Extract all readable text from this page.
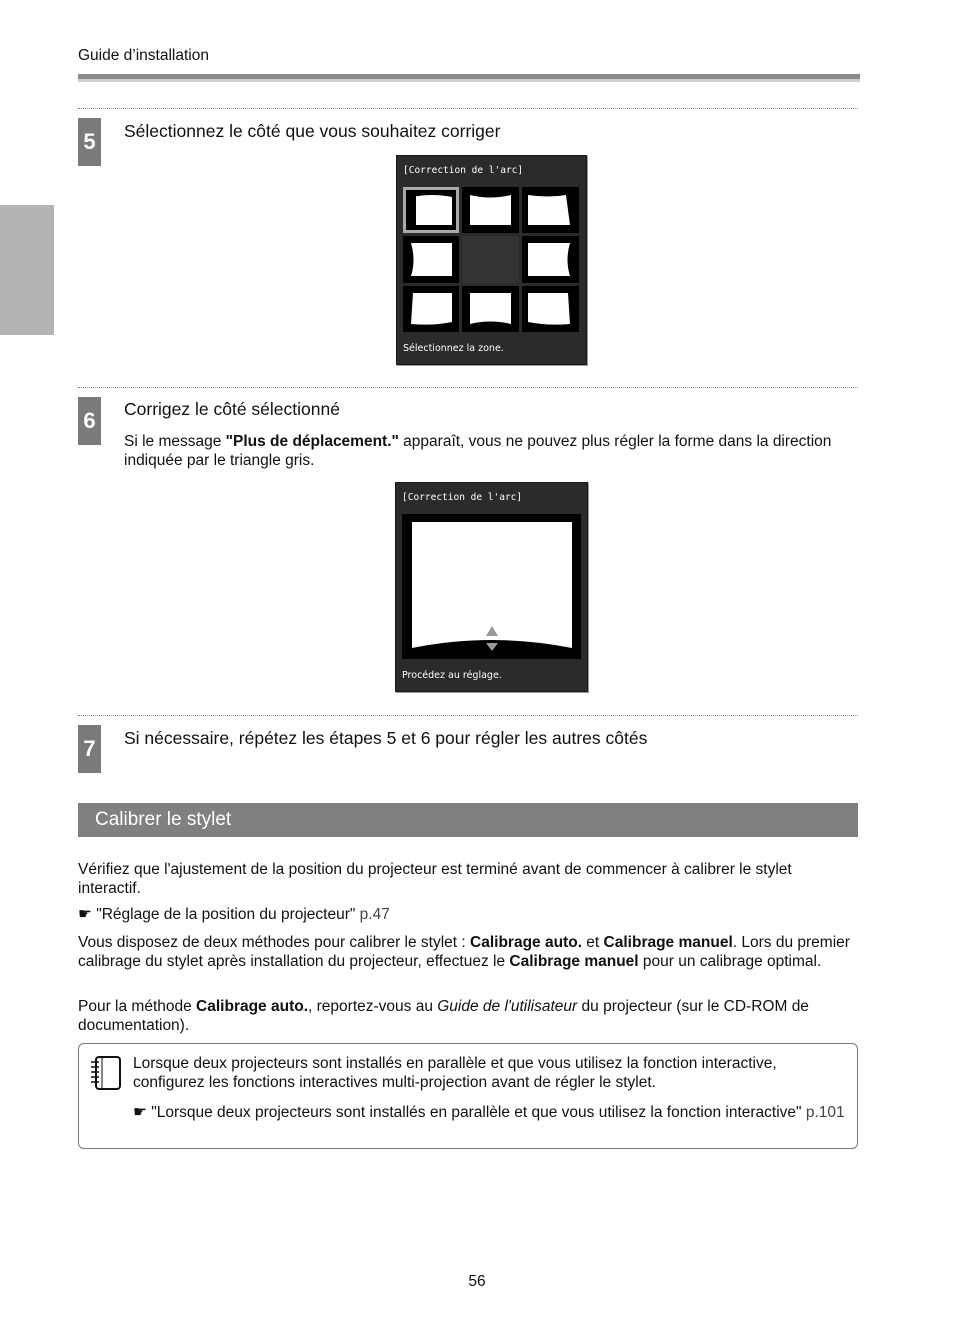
Guide d’installation
5	Sélectionnez le côté que vous souhaitez corriger
[Correction de l'arc]
Sélectionnez la zone.
6	Corrigez le côté sélectionné
Si le message "Plus de déplacement." apparaît, vous ne pouvez plus régler la forme dans la direction indiquée par le triangle gris.
[Correction de l'arc]
Procédez au réglage.
7	Si nécessaire, répétez les étapes 5 et 6 pour régler les autres côtés
Calibrer le stylet
Vérifiez que l'ajustement de la position du projecteur est terminé avant de commencer à calibrer le stylet interactif.
☛ "Réglage de la position du projecteur" p.47
Vous disposez de deux méthodes pour calibrer le stylet : Calibrage auto. et Calibrage manuel. Lors du premier calibrage du stylet après installation du projecteur, effectuez le Calibrage manuel pour un calibrage optimal.
Pour la méthode Calibrage auto., reportez-vous au Guide de l'utilisateur du projecteur (sur le CD-ROM de documentation).
Lorsque deux projecteurs sont installés en parallèle et que vous utilisez la fonction interactive, configurez les fonctions interactives multi-projection avant de régler le stylet.
☛ "Lorsque deux projecteurs sont installés en parallèle et que vous utilisez la fonction interactive" p.101
56
